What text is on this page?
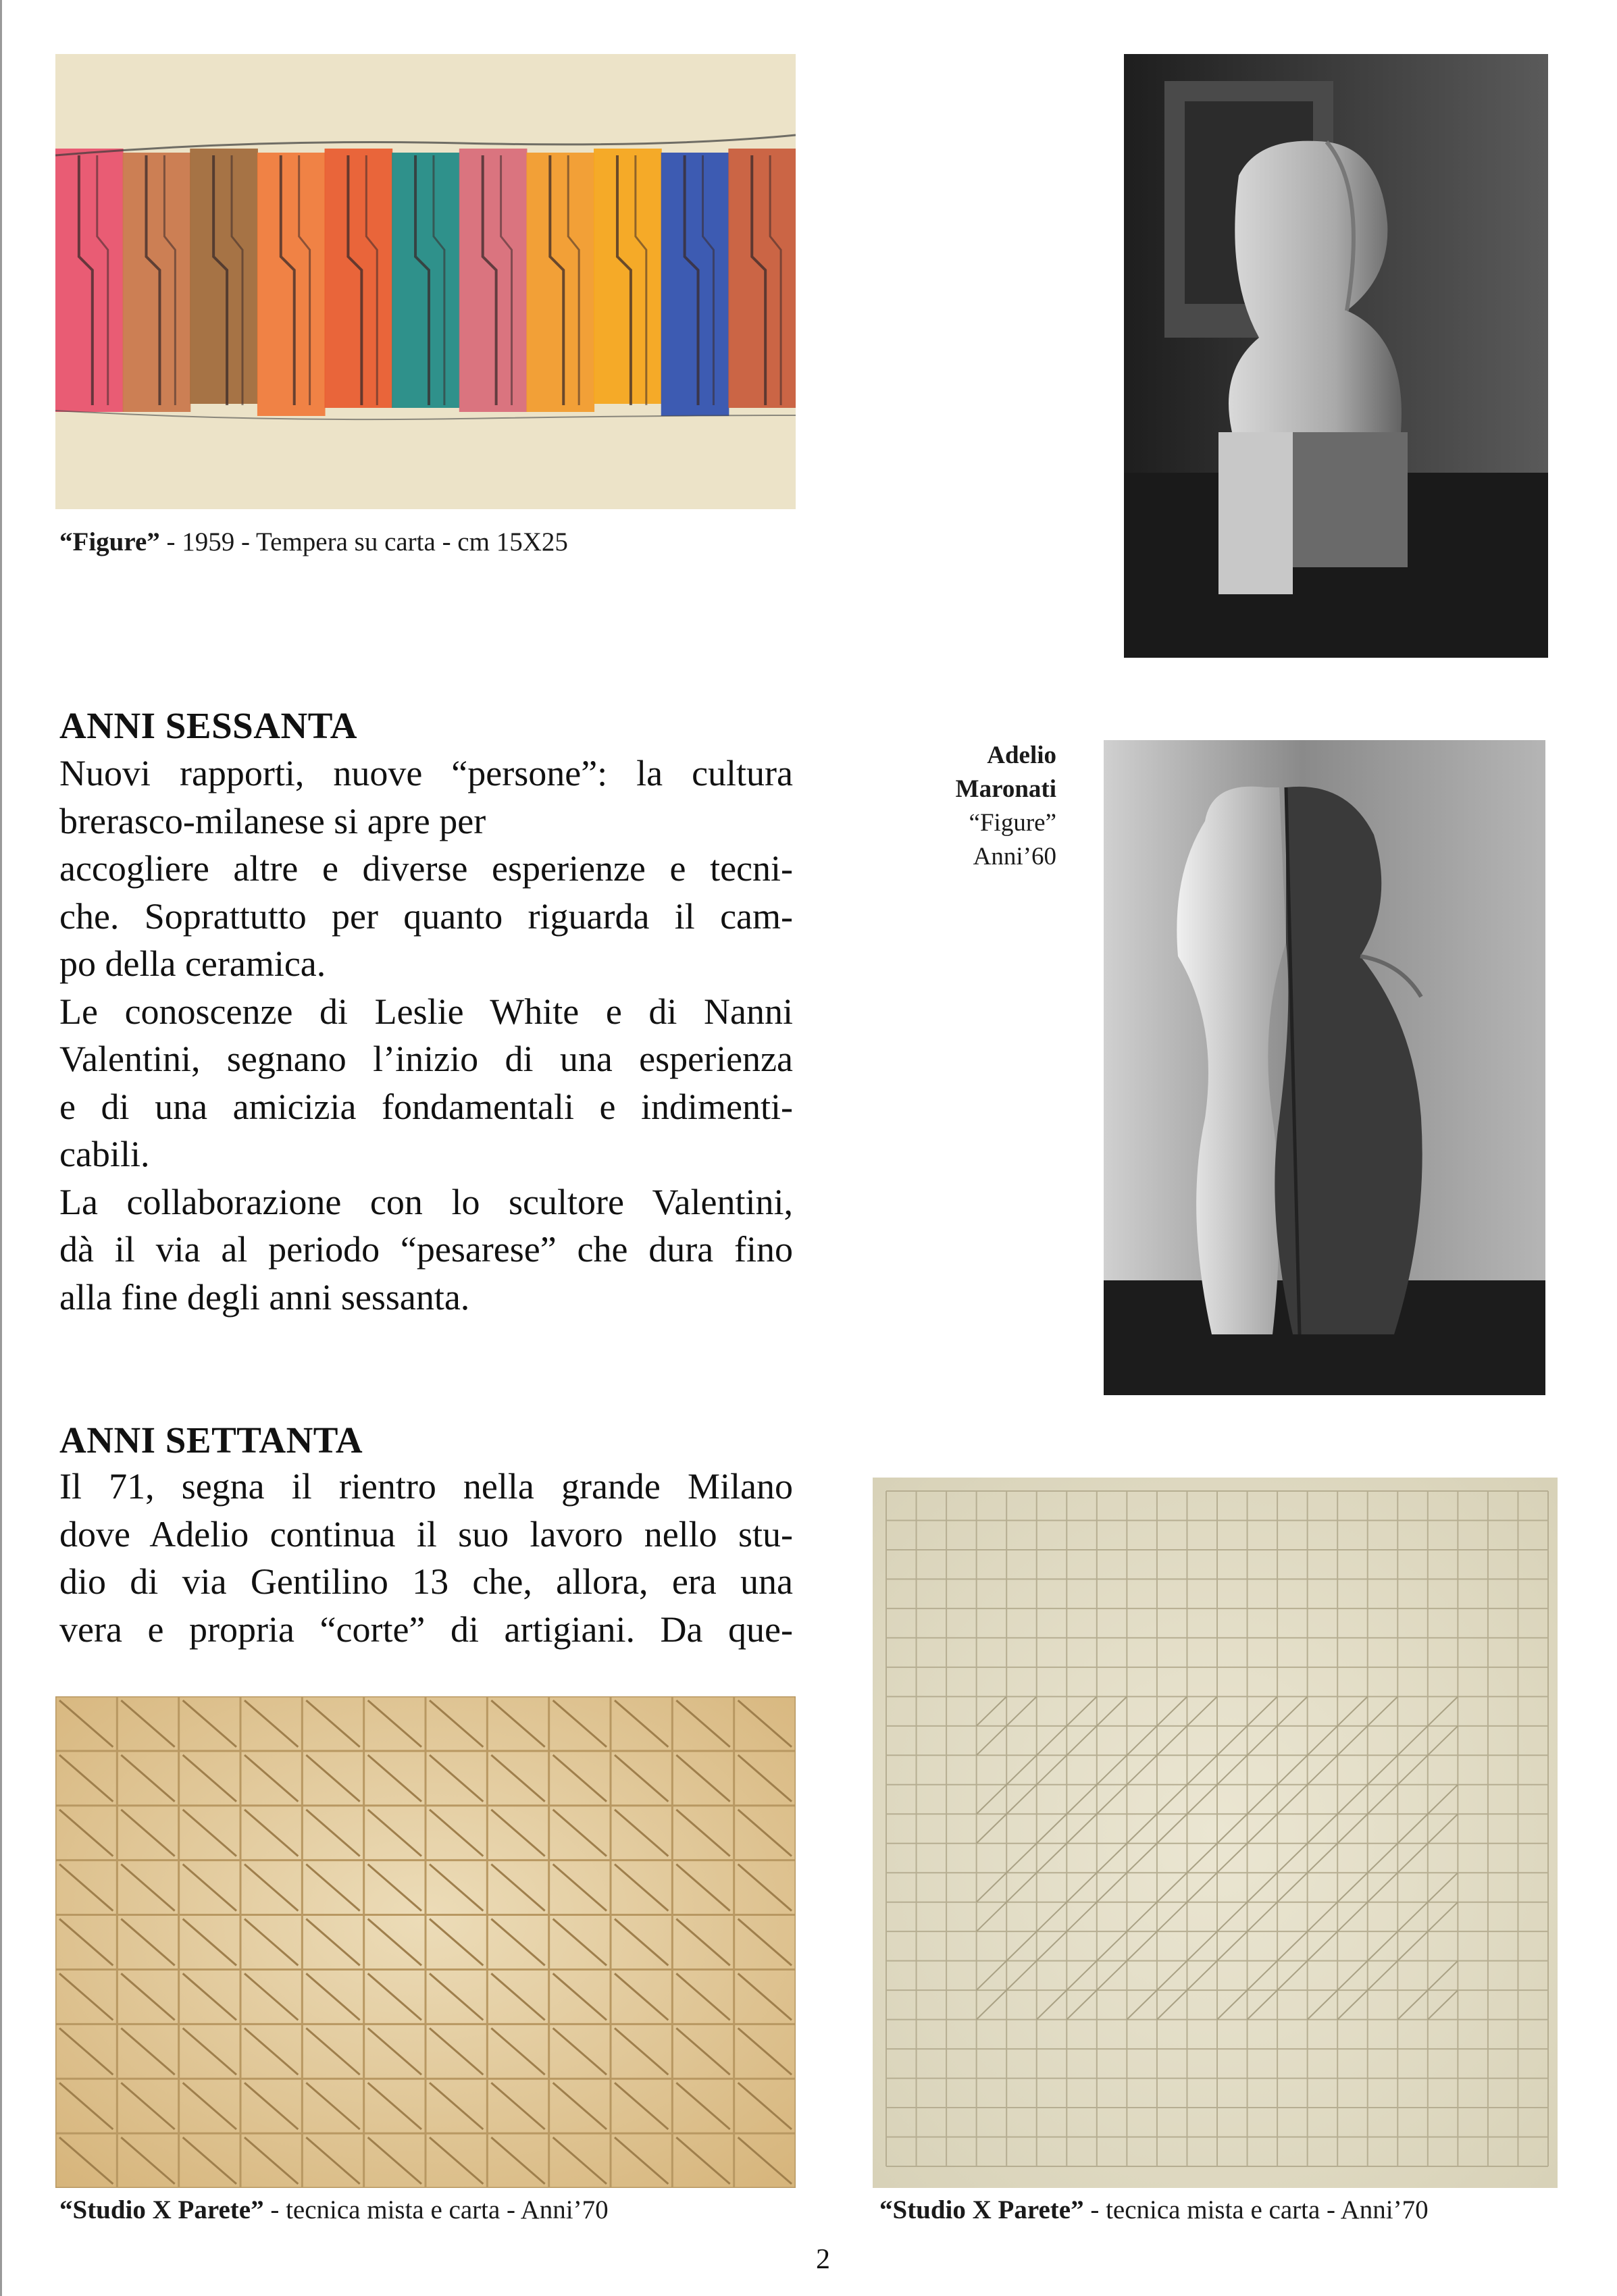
“Figure” - 1959 - Tempera su carta - cm 15X25
ANNI SESSANTA
Nuovi rapporti, nuove “persone”: la cultura
brerasco-milanese si apre per
accogliere altre e diverse esperienze e tecni-
che. Soprattutto per quanto riguarda il cam-
po della ceramica.
Le conoscenze di Leslie White e di Nanni
Valentini, segnano l’inizio di una esperienza
e di una amicizia fondamentali e indimenti-
cabili.
La collaborazione con lo scultore Valentini,
dà il via al periodo “pesarese” che dura fino
alla fine degli anni sessanta.
Adelio
Maronati
“Figure”
Anni’60
ANNI SETTANTA
Il 71, segna il rientro nella grande Milano
dove Adelio continua il suo lavoro nello stu-
dio di via Gentilino 13 che, allora, era una
vera e propria “corte” di artigiani. Da que-
“Studio X Parete” - tecnica mista e carta - Anni’70	“Studio X Parete” - tecnica mista e carta - Anni’70
2
